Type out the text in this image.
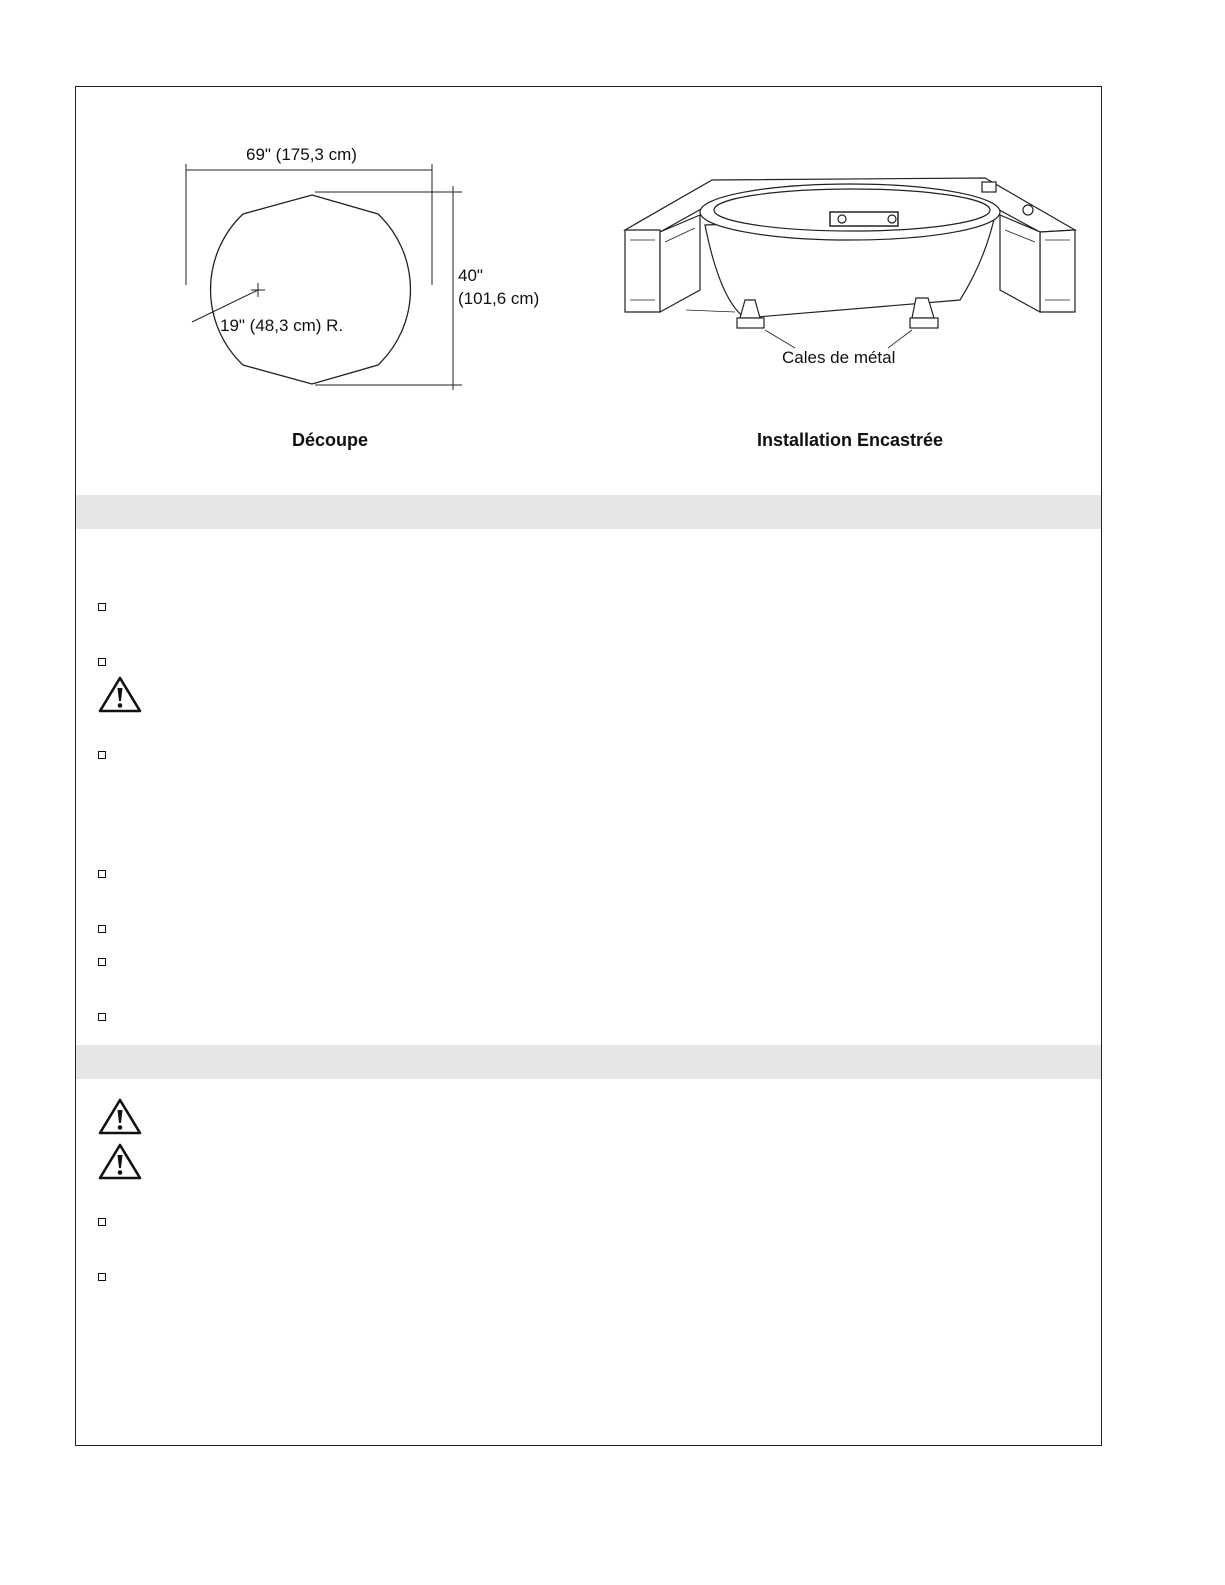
69" (175,3 cm)
40"
(101,6 cm)
19" (48,3 cm) R.
Découpe
Cales de métal
Installation Encastrée
